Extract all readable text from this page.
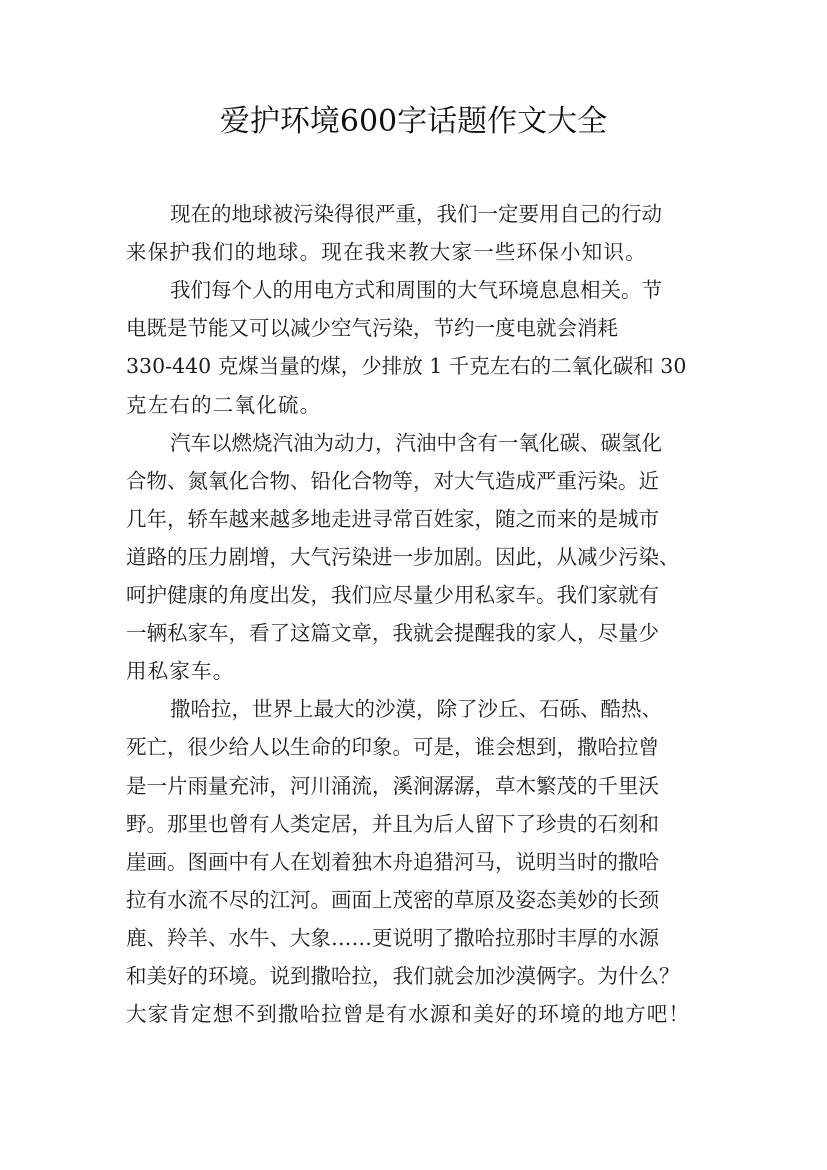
爱护环境600字话题作文大全
现在的地球被污染得很严重，我们一定要用自己的行动
来保护我们的地球。现在我来教大家一些环保小知识。
我们每个人的用电方式和周围的大气环境息息相关。节
电既是节能又可以减少空气污染，节约一度电就会消耗
330-440 克煤当量的煤，少排放 1 千克左右的二氧化碳和 30
克左右的二氧化硫。
汽车以燃烧汽油为动力，汽油中含有一氧化碳、碳氢化
合物、氮氧化合物、铅化合物等，对大气造成严重污染。近
几年，轿车越来越多地走进寻常百姓家，随之而来的是城市
道路的压力剧增，大气污染进一步加剧。因此，从减少污染、
呵护健康的角度出发，我们应尽量少用私家车。我们家就有
一辆私家车，看了这篇文章，我就会提醒我的家人，尽量少
用私家车。
撒哈拉，世界上最大的沙漠，除了沙丘、石砾、酷热、
死亡，很少给人以生命的印象。可是，谁会想到，撒哈拉曾
是一片雨量充沛，河川涌流，溪涧潺潺，草木繁茂的千里沃
野。那里也曾有人类定居，并且为后人留下了珍贵的石刻和
崖画。图画中有人在划着独木舟追猎河马，说明当时的撒哈
拉有水流不尽的江河。画面上茂密的草原及姿态美妙的长颈
鹿、羚羊、水牛、大象……更说明了撒哈拉那时丰厚的水源
和美好的环境。说到撒哈拉，我们就会加沙漠俩字。为什么？
大家肯定想不到撒哈拉曾是有水源和美好的环境的地方吧！
